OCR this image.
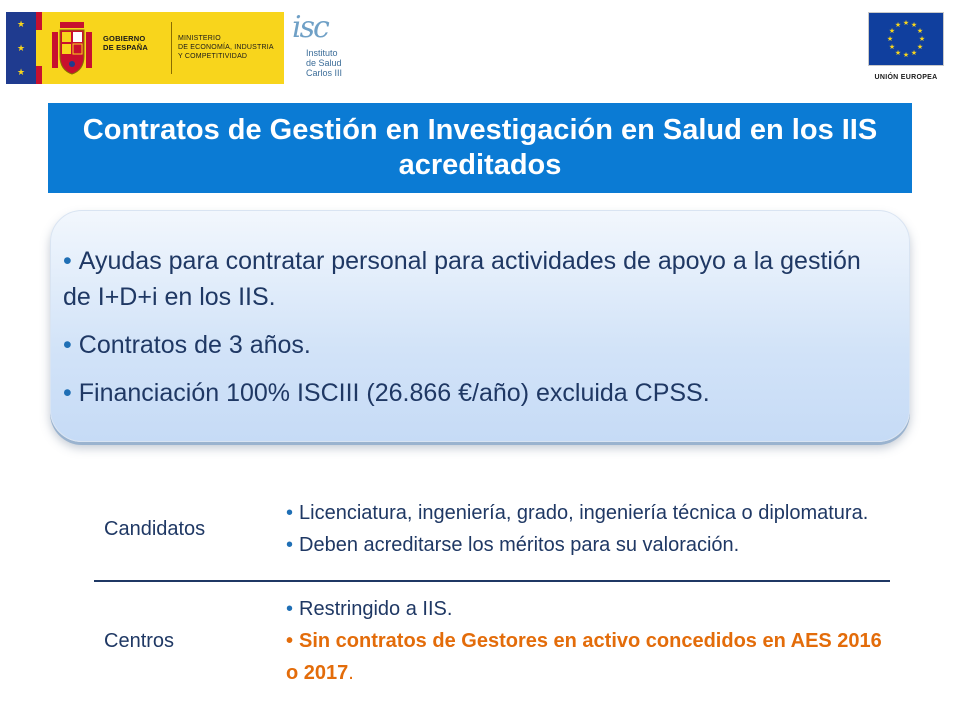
★
★
★
GOBIERNO
DE ESPAÑA
MINISTERIO
DE ECONOMÍA, INDUSTRIA
Y COMPETITIVIDAD
isc
Instituto
de Salud
Carlos III
★ ★
★
★
★
★
★
★
★
★
★
★
UNIÓN EUROPEA
Contratos de Gestión en Investigación en Salud en los IIS acreditados
• Ayudas para contratar personal para actividades de apoyo a la gestión de I+D+i en los IIS.
• Contratos de 3 años.
• Financiación 100% ISCIII (26.866 €/año) excluida CPSS.
Candidatos

• Licenciatura, ingeniería, grado, ingeniería técnica o diplomatura.

• Deben acreditarse los méritos para su valoración.

Centros

• Restringido a IIS.

• Sin contratos de Gestores en activo concedidos en AES 2016 o 2017.
